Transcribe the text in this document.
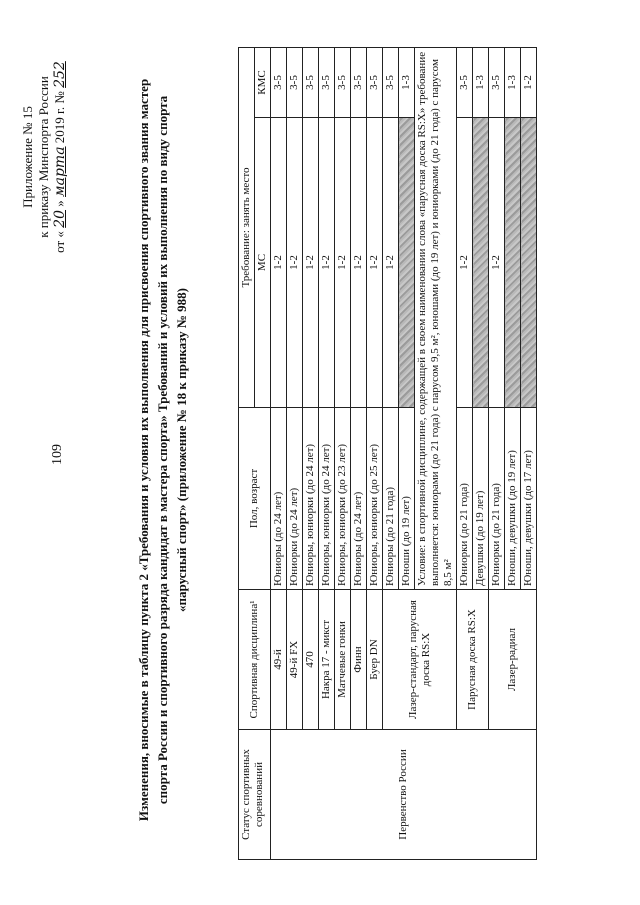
109
Приложение № 15 к приказу Минспорта России
от « 20 » марта 2019 г. № 252
Изменения, вносимые в таблицу пункта 2 «Требования и условия их выполнения для присвоения спортивного звания мастер спорта России и спортивного разряда кандидат в мастера спорта» Требований и условий их выполнения по виду спорта «парусный спорт» (приложение № 18 к приказу № 988)
Статус спортивных соревнований	Спортивная дисциплина¹	Пол, возраст	Требование: занять место	
			МС	КМС
Первенство России	49-й	Юниоры (до 24 лет)	1-2	3-5
	49-й FX	Юниорки (до 24 лет)	1-2	3-5
	470	Юниоры, юниорки (до 24 лет)	1-2	3-5
	Накра 17 - микст	Юниоры, юниорки (до 24 лет)	1-2	3-5
	Матчевые гонки	Юниоры, юниорки (до 23 лет)	1-2	3-5
	Финн	Юниоры (до 24 лет)	1-2	3-5
	Буер DN	Юниоры, юниорки (до 25 лет)	1-2	3-5
	Лазер-стандарт, парусная доска RS:X	Юниоры (до 21 года)	1-2	3-5
		Юноши (до 19 лет)		1-3
		Условие: в спортивной дисциплине, содержащей в своем наименовании слова «парусная доска RS:X» требование выполняется: юниорами (до 21 года) с парусом 9,5 м², юношами (до 19 лет) и юниорками (до 21 года) с парусом 8,5 м²		
	Парусная доска RS:X	Юниорки (до 21 года)	1-2	3-5
		Девушки (до 19 лет)		1-3
	Лазер-радиал	Юниорки (до 21 года)	1-2	3-5
		Юноши, девушки (до 19 лет)		1-3
		Юноши, девушки (до 17 лет)		1-2
